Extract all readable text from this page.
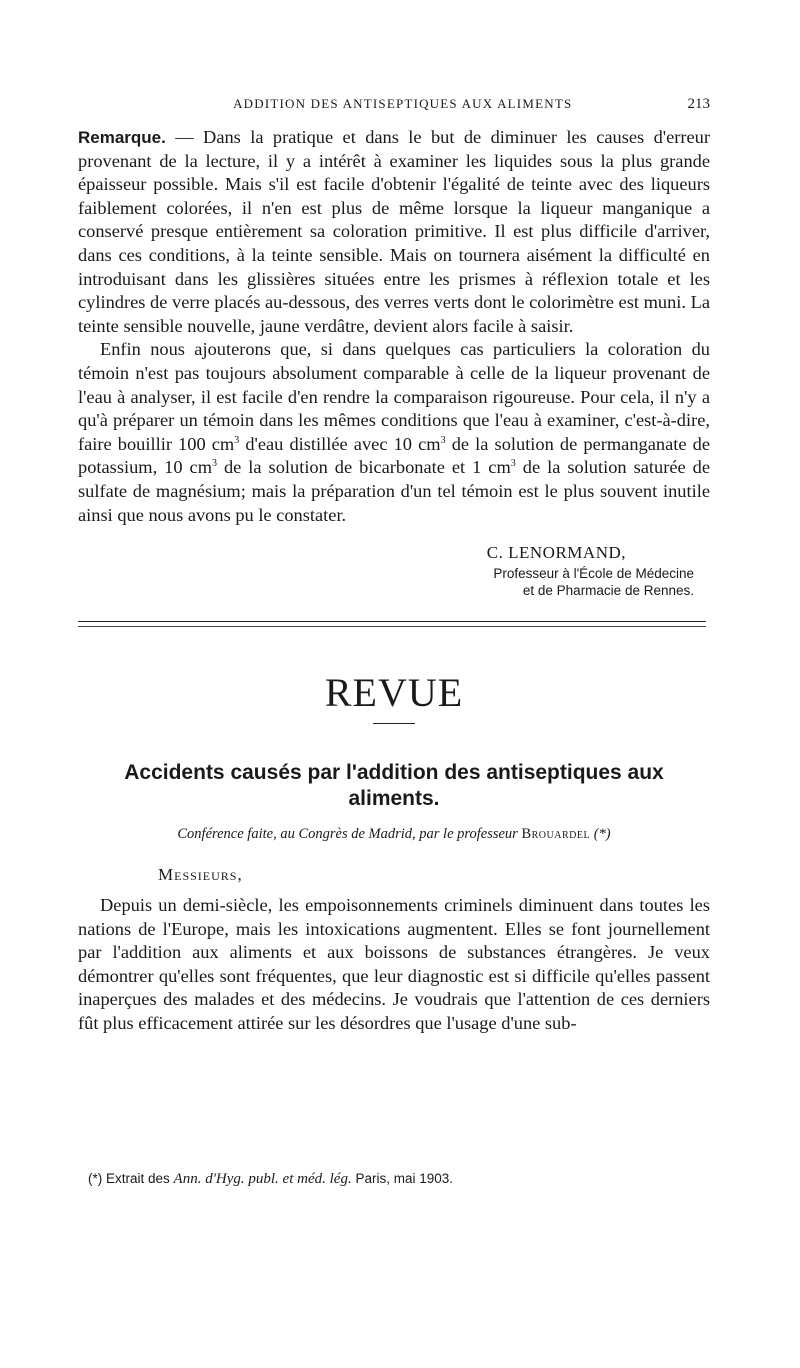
ADDITION DES ANTISEPTIQUES AUX ALIMENTS	213

Remarque. — Dans la pratique et dans le but de diminuer les causes d'erreur provenant de la lecture, il y a intérêt à examiner les liquides sous la plus grande épaisseur possible. Mais s'il est facile d'obtenir l'égalité de teinte avec des liqueurs faiblement colorées, il n'en est plus de même lorsque la liqueur manganique a conservé presque entièrement sa coloration primitive. Il est plus difficile d'arriver, dans ces conditions, à la teinte sensible. Mais on tournera aisément la difficulté en introduisant dans les glissières situées entre les prismes à réflexion totale et les cylindres de verre placés au-dessous, des verres verts dont le colorimètre est muni. La teinte sensible nouvelle, jaune verdâtre, devient alors facile à saisir.

Enfin nous ajouterons que, si dans quelques cas particuliers la coloration du témoin n'est pas toujours absolument comparable à celle de la liqueur provenant de l'eau à analyser, il est facile d'en rendre la comparaison rigoureuse. Pour cela, il n'y a qu'à préparer un témoin dans les mêmes conditions que l'eau à examiner, c'est-à-dire, faire bouillir 100 $cm^3$ d'eau distillée avec 10 $cm^3$ de la solution de permanganate de potassium, 10 $cm^3$ de la solution de bicarbonate et 1 $cm^3$ de la solution saturée de sulfate de magnésium; mais la préparation d'un tel témoin est le plus souvent inutile ainsi que nous avons pu le constater.

C. LENORMAND,
Professeur à l'École de Médecine
et de Pharmacie de Rennes.
REVUE
Accidents causés par l'addition des antiseptiques aux aliments.
Conférence faite, au Congrès de Madrid, par le professeur Brouardel (*)
Messieurs,

Depuis un demi-siècle, les empoisonnements criminels diminuent dans toutes les nations de l'Europe, mais les intoxications augmentent. Elles se font journellement par l'addition aux aliments et aux boissons de substances étrangères. Je veux démontrer qu'elles sont fréquentes, que leur diagnostic est si difficile qu'elles passent inaperçues des malades et des médecins. Je voudrais que l'attention de ces derniers fût plus efficacement attirée sur les désordres que l'usage d'une sub-

(*) Extrait des Ann. d'Hyg. publ. et méd. lég. Paris, mai 1903.
